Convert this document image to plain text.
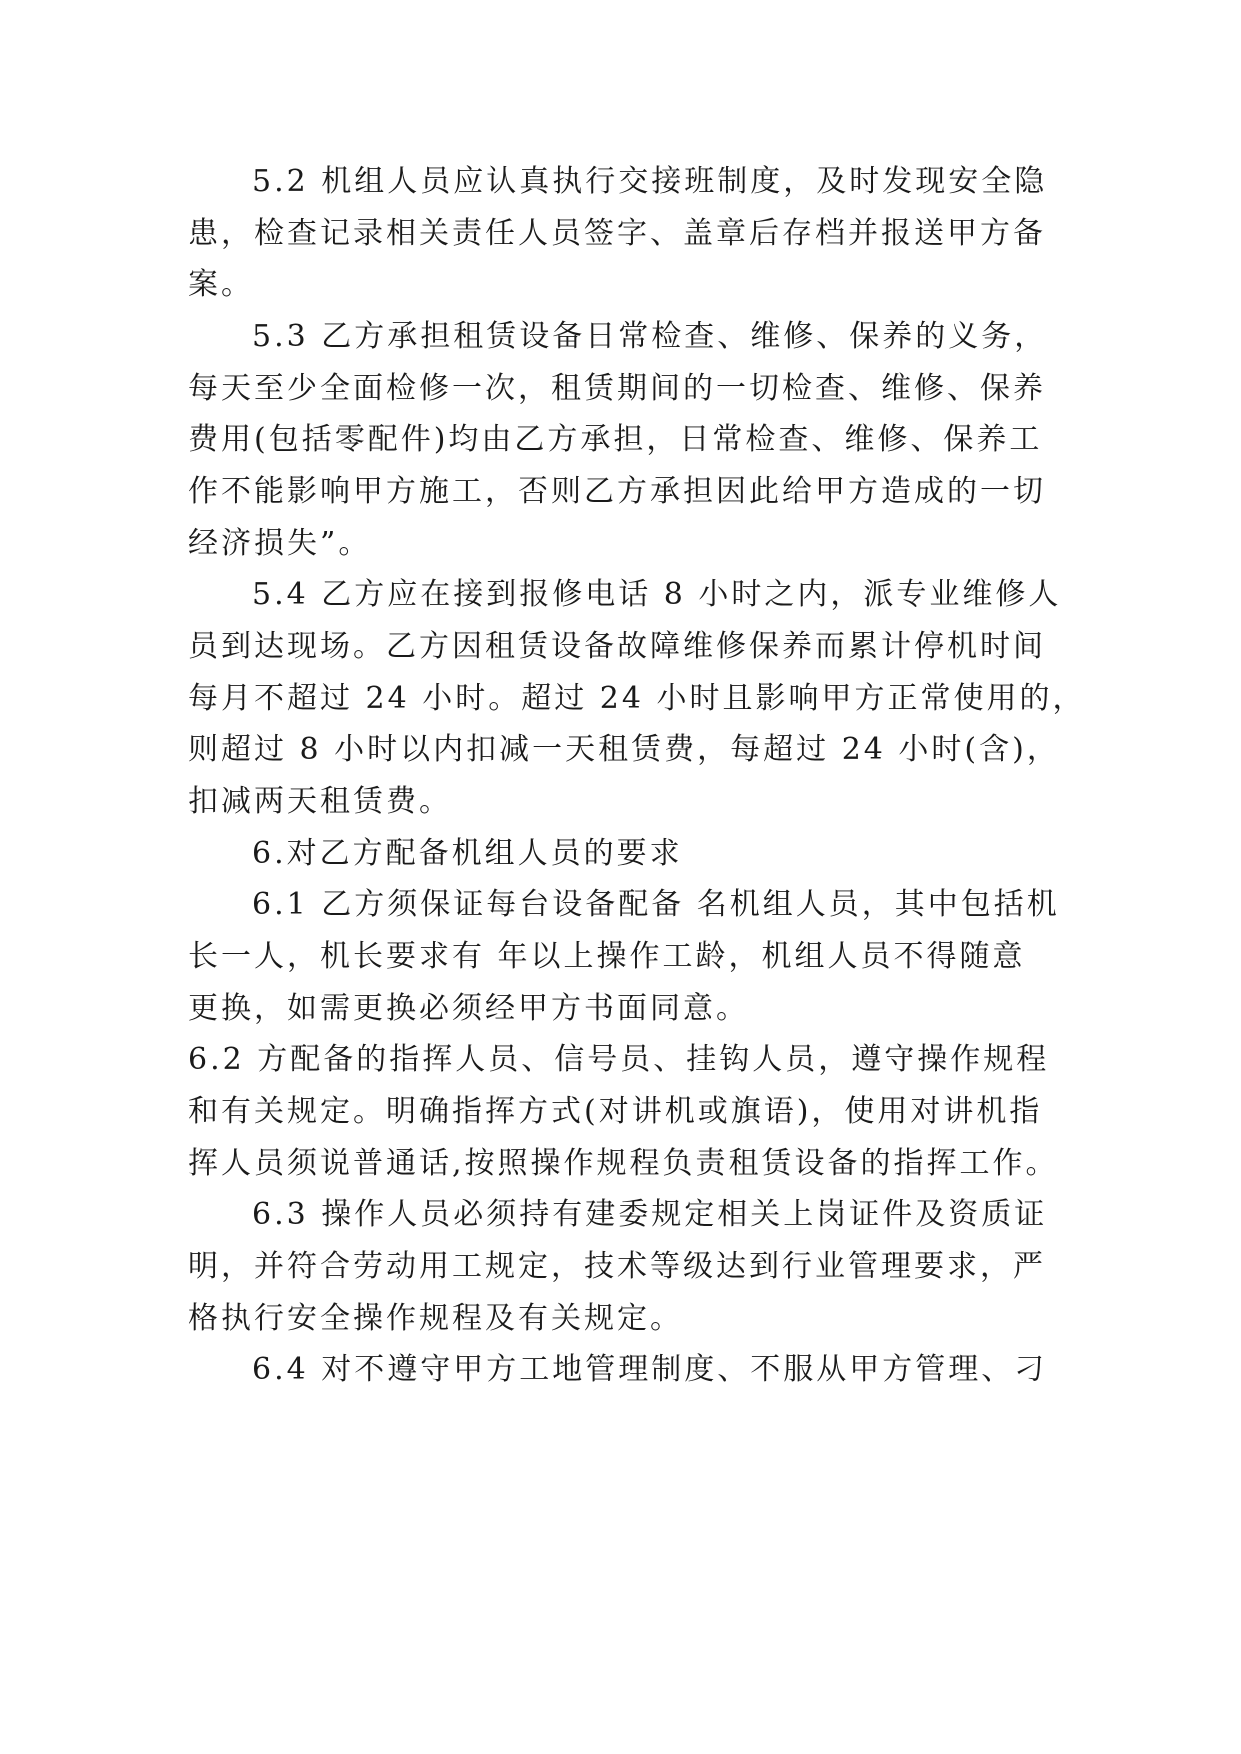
5.2 机组人员应认真执行交接班制度，及时发现安全隐
患，检查记录相关责任人员签字、盖章后存档并报送甲方备
案。
5.3 乙方承担租赁设备日常检查、维修、保养的义务，
每天至少全面检修一次，租赁期间的一切检查、维修、保养
费用(包括零配件)均由乙方承担，日常检查、维修、保养工
作不能影响甲方施工，否则乙方承担因此给甲方造成的一切
经济损失”。
5.4 乙方应在接到报修电话 8 小时之内，派专业维修人
员到达现场。乙方因租赁设备故障维修保养而累计停机时间
每月不超过 24 小时。超过 24 小时且影响甲方正常使用的，
则超过 8 小时以内扣减一天租赁费，每超过 24 小时(含)，
扣减两天租赁费。
6.对乙方配备机组人员的要求
6.1 乙方须保证每台设备配备 名机组人员，其中包括机
长一人，机长要求有 年以上操作工龄，机组人员不得随意
更换，如需更换必须经甲方书面同意。
6.2 方配备的指挥人员、信号员、挂钩人员，遵守操作规程
和有关规定。明确指挥方式(对讲机或旗语)，使用对讲机指
挥人员须说普通话,按照操作规程负责租赁设备的指挥工作。
6.3 操作人员必须持有建委规定相关上岗证件及资质证
明，并符合劳动用工规定，技术等级达到行业管理要求，严
格执行安全操作规程及有关规定。
6.4 对不遵守甲方工地管理制度、不服从甲方管理、刁
